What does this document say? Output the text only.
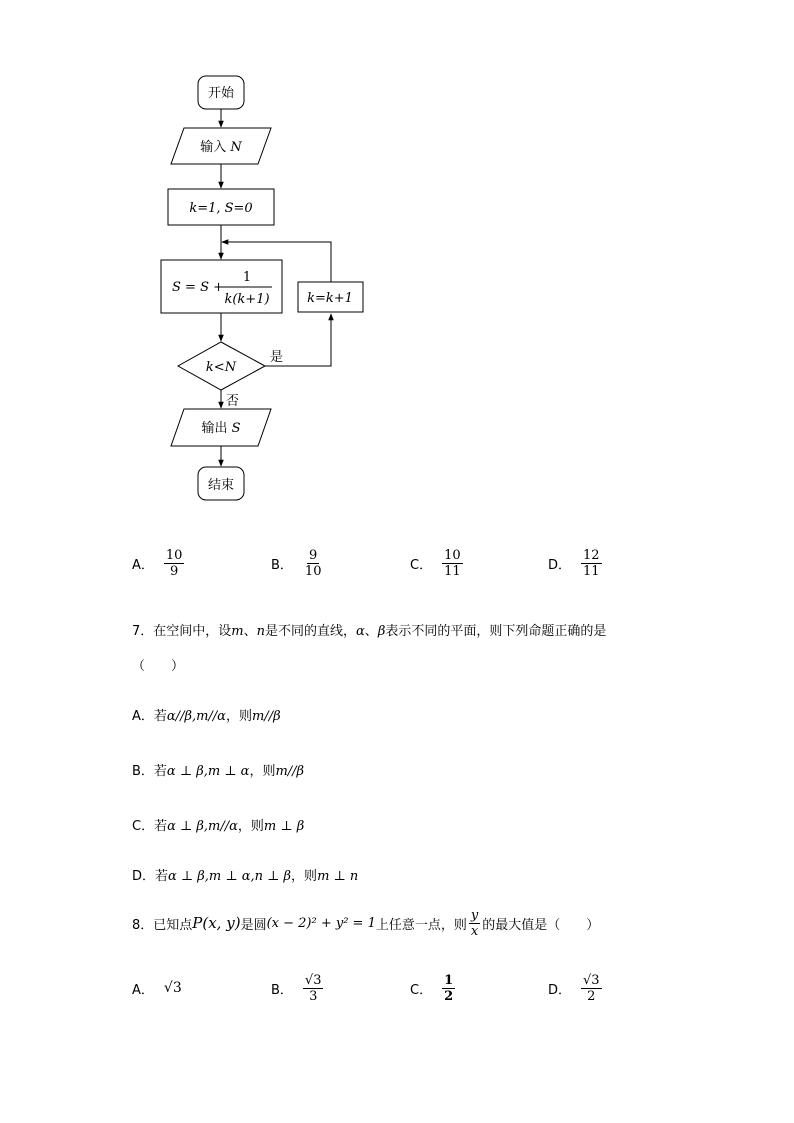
开始
输入 N
k=1, S=0
S = S +
1
k(k+1)
k<N
是
k=k+1
否
输出 S
结束
A． $\frac{10}{9}$	B． $\frac{9}{10}$	C． $\frac{10}{11}$	D． $\frac{12}{11}$
7．在空间中，设m、n是不同的直线，α、β表示不同的平面，则下列命题正确的是
（　　）
A．若α//β,m//α，则m//β
B．若α ⊥ β,m ⊥ α，则m//β
C．若α ⊥ β,m//α，则m ⊥ β
D．若α ⊥ β,m ⊥ α,n ⊥ β，则m ⊥ n
8．已知点 P(x, y) 是圆 (x − 2)² + y² = 1 上任意一点，则 $\frac{y}{x}$ 的最大值是（　　）
A． √3	B． $\frac{√3}{3}$	C． $\frac{1}{2}$	D． $\frac{√3}{2}$
